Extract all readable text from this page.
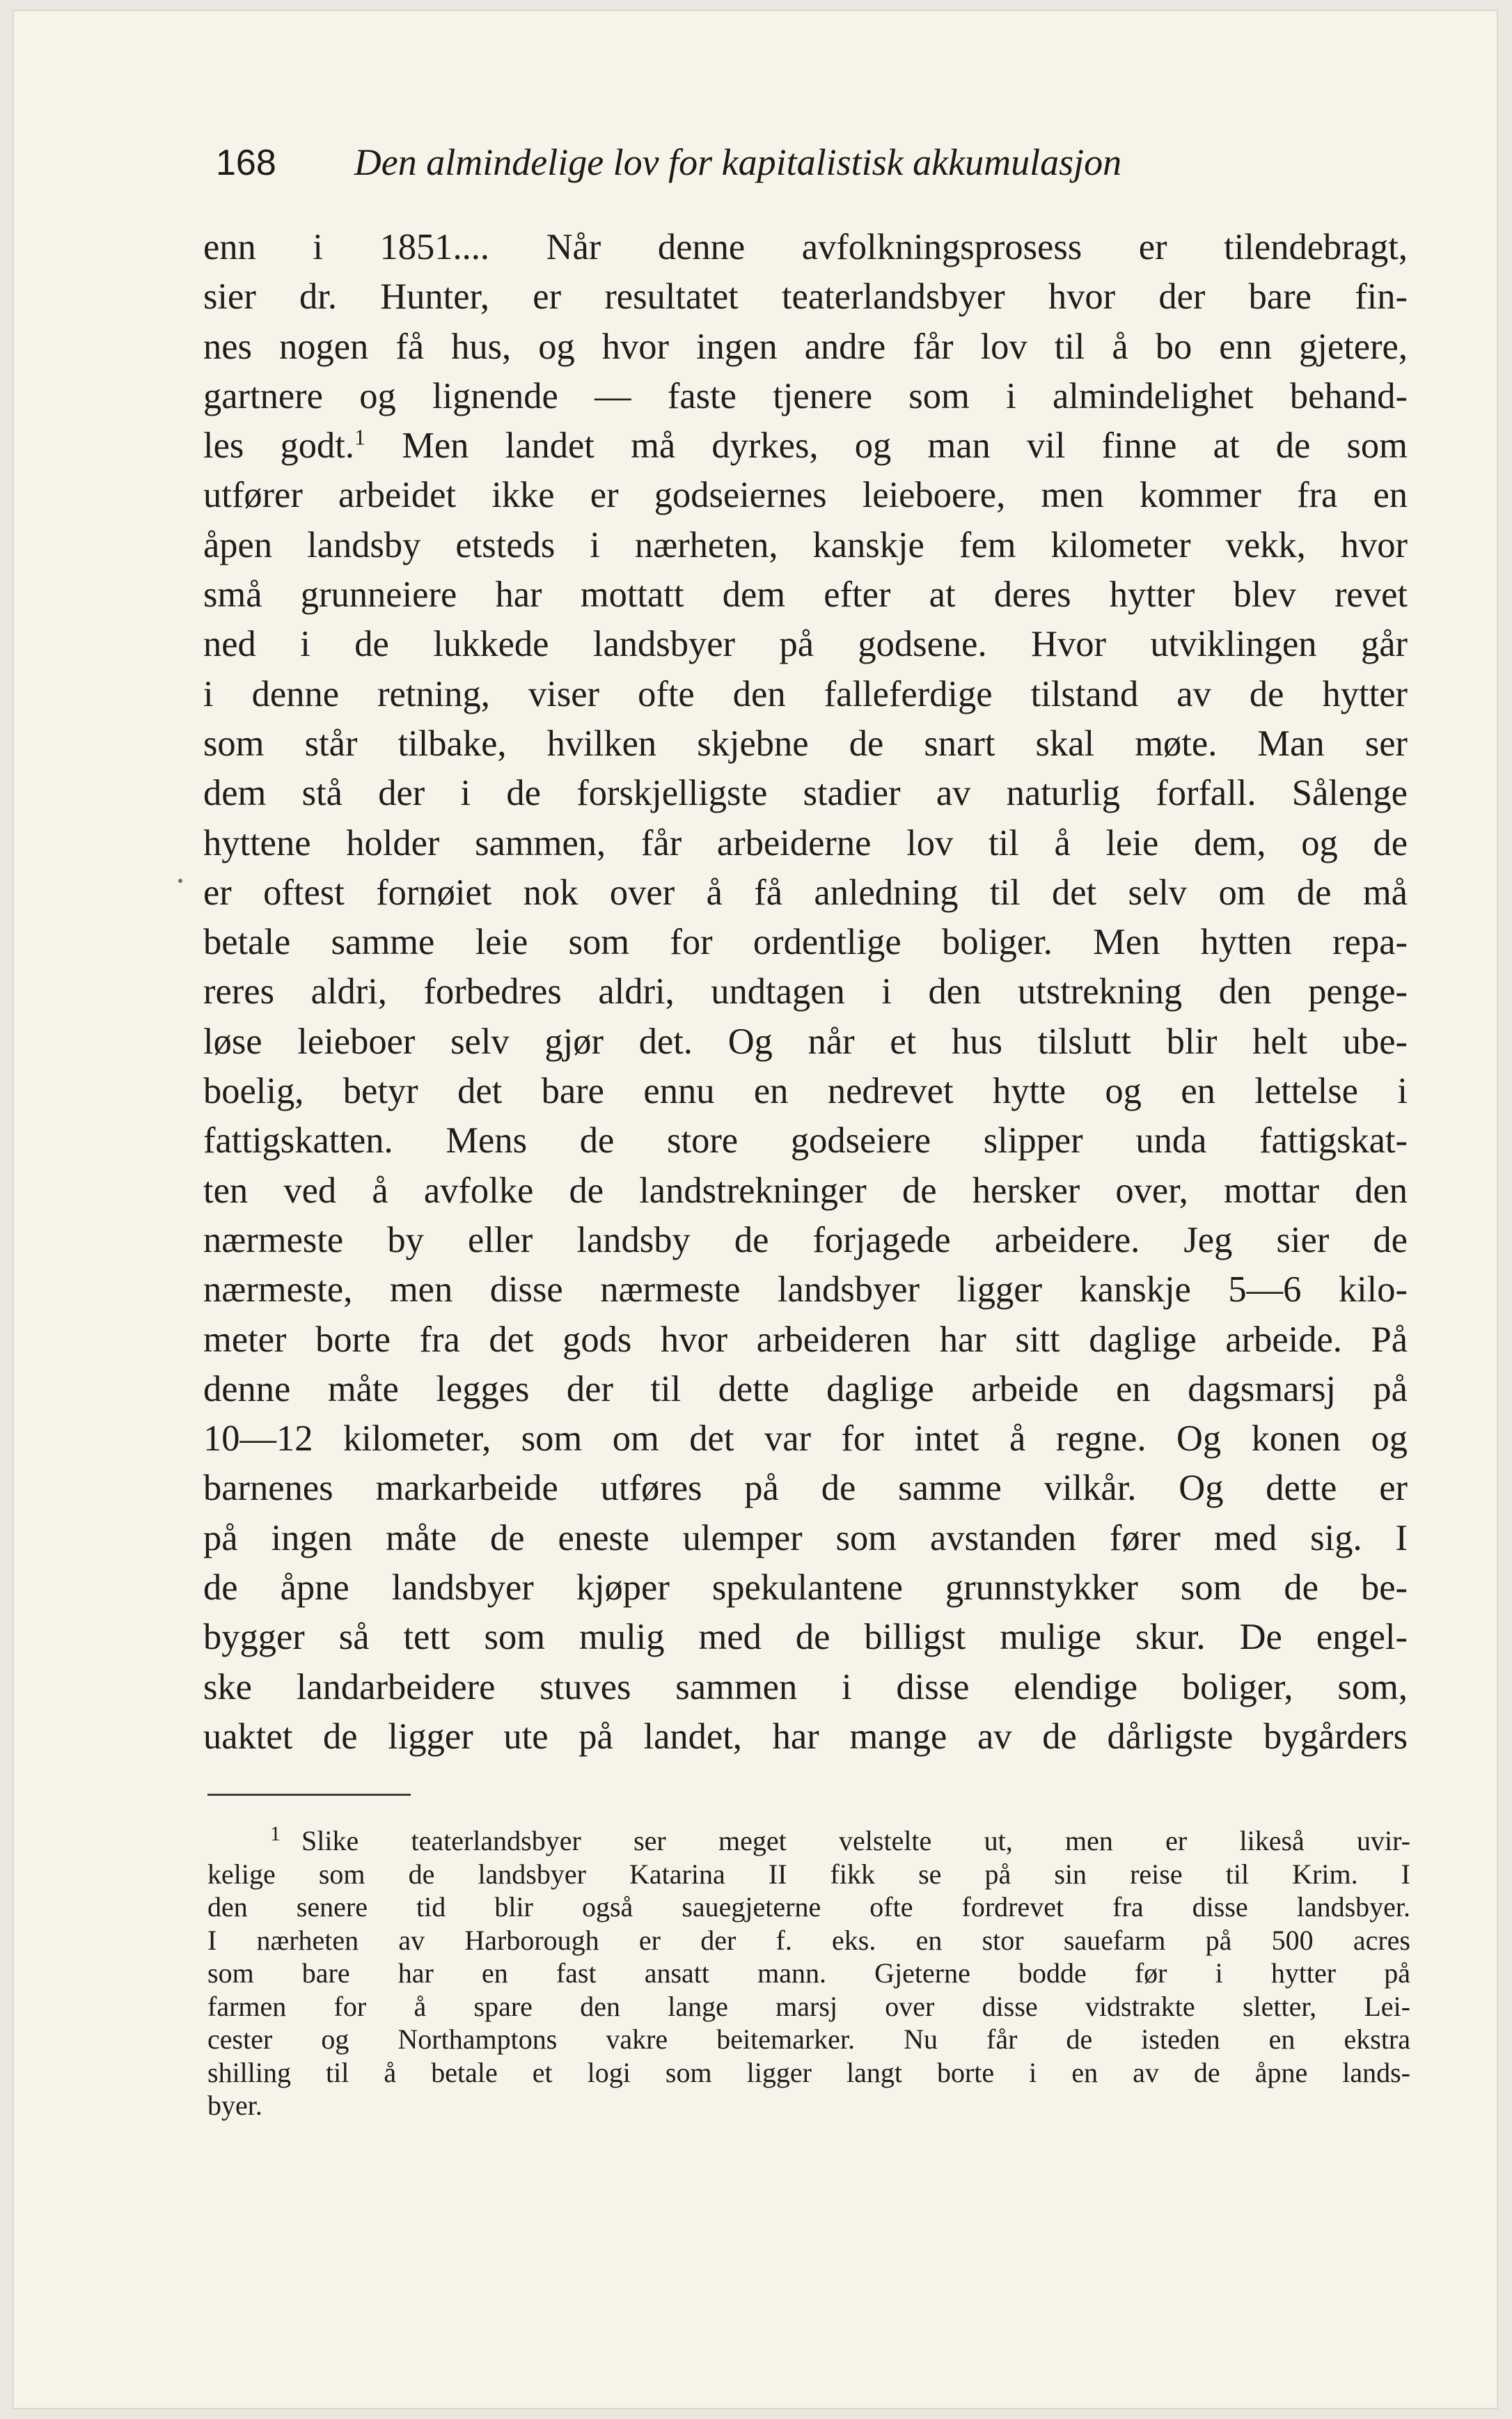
168 Den almindelige lov for kapitalistisk akkumulasjon
enn i 1851.... Når denne avfolkningsprosess er tilendebragt,
sier dr. Hunter, er resultatet teaterlandsbyer hvor der bare fin-
nes nogen få hus, og hvor ingen andre får lov til å bo enn gjetere,
gartnere og lignende — faste tjenere som i almindelighet behand-
les godt.$^1$ Men landet må dyrkes, og man vil finne at de som
utfører arbeidet ikke er godseiernes leieboere, men kommer fra en
åpen landsby etsteds i nærheten, kanskje fem kilometer vekk, hvor
små grunneiere har mottatt dem efter at deres hytter blev revet
ned i de lukkede landsbyer på godsene. Hvor utviklingen går
i denne retning, viser ofte den falleferdige tilstand av de hytter
som står tilbake, hvilken skjebne de snart skal møte. Man ser
dem stå der i de forskjelligste stadier av naturlig forfall. Sålenge
hyttene holder sammen, får arbeiderne lov til å leie dem, og de
er oftest fornøiet nok over å få anledning til det selv om de må
betale samme leie som for ordentlige boliger. Men hytten repa-
reres aldri, forbedres aldri, undtagen i den utstrekning den penge-
løse leieboer selv gjør det. Og når et hus tilslutt blir helt ube-
boelig, betyr det bare ennu en nedrevet hytte og en lettelse i
fattigskatten. Mens de store godseiere slipper unda fattigskat-
ten ved å avfolke de landstrekninger de hersker over, mottar den
nærmeste by eller landsby de forjagede arbeidere. Jeg sier de
nærmeste, men disse nærmeste landsbyer ligger kanskje 5—6 kilo-
meter borte fra det gods hvor arbeideren har sitt daglige arbeide. På
denne måte legges der til dette daglige arbeide en dagsmarsj på
10—12 kilometer, som om det var for intet å regne. Og konen og
barnenes markarbeide utføres på de samme vilkår. Og dette er
på ingen måte de eneste ulemper som avstanden fører med sig. I
de åpne landsbyer kjøper spekulantene grunnstykker som de be-
bygger så tett som mulig med de billigst mulige skur. De engel-
ske landarbeidere stuves sammen i disse elendige boliger, som,
uaktet de ligger ute på landet, har mange av de dårligste bygårders
$^1$ Slike teaterlandsbyer ser meget velstelte ut, men er likeså uvir-
kelige som de landsbyer Katarina II fikk se på sin reise til Krim. I
den senere tid blir også sauegjeterne ofte fordrevet fra disse landsbyer.
I nærheten av Harborough er der f. eks. en stor sauefarm på 500 acres
som bare har en fast ansatt mann. Gjeterne bodde før i hytter på
farmen for å spare den lange marsj over disse vidstrakte sletter, Lei-
cester og Northamptons vakre beitemarker. Nu får de isteden en ekstra
shilling til å betale et logi som ligger langt borte i en av de åpne lands-
byer.
